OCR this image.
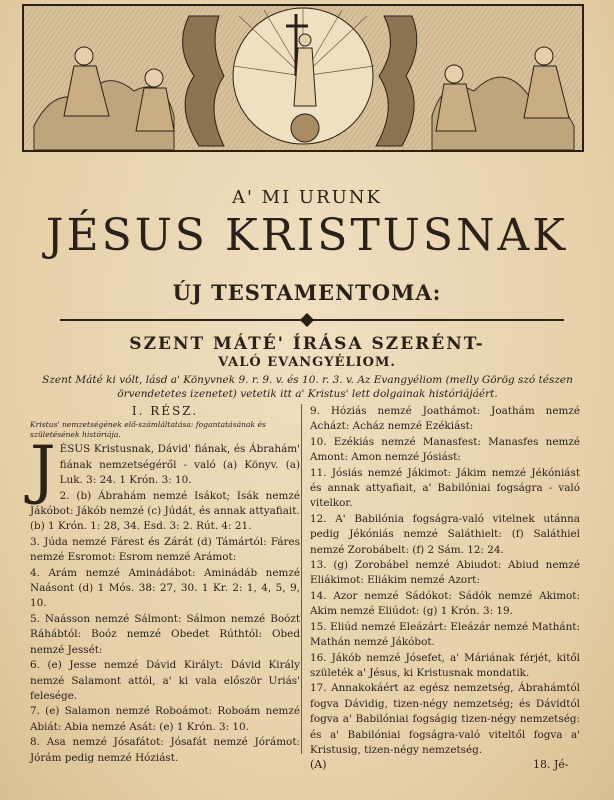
A' MI URUNK
JÉSUS KRISTUSNAK
ÚJ TESTAMENTOMA:
SZENT MÁTÉ' ÍRÁSA SZERÉNT-
VALÓ EVANGYÉLIOM.
Szent Máté ki vólt, lásd a' Könyvnek 9. r. 9. v. és 10. r. 3. v. Az Evangyéliom (melly Görög szó tészen örvendetetes izenetet) vetetik itt a' Kristus' lett dolgainak históriájáért.
I. RÉSZ.
Kristus' nemzetségének elő-számláltatása: fogantatásának és születésének históriája.
J ÉSUS Kristusnak, Dávid' fiának, és Ábrahám' fiának nemzetségéről - való (a) Könyv. (a) Luk. 3: 24. 1 Krón. 3: 10.
2. (b) Ábrahám nemzé Isákot; Isák nemzé Jákóbot: Jákób nemzé (c) Júdát, és annak attyafiait.
(b) 1 Krón. 1: 28, 34. Esd. 3: 2. Rút. 4: 21.
3. Júda nemzé Fárest és Zárát (d) Támártól: Fáres nemzé Esromot: Esrom nemzé Arámot:
4. Arám nemzé Aminádábot: Aminádáb nemzé Naásont (d) 1 Mós. 38: 27, 30. 1 Kr. 2: 1, 4, 5, 9, 10.
5. Naásson nemzé Sálmont: Sálmon nemzé Boózt Ráhábtól: Boóz nemzé Obedet Rúthtól: Obed nemzé Jessét:
6. (e) Jesse nemzé Dávid Királyt: Dávid Király nemzé Salamont attól, a' ki vala először Uriás' felesége.
7. (e) Salamon nemzé Roboámot: Roboám nemzé Abiát: Abia nemzé Asát: (e) 1 Krón. 3: 10.
8. Asa nemzé Jósafátot: Jósafát nemzé Jórámot: Jórám pedig nemzé Hóziást.
9. Hóziás nemzé Joathámot: Joathám nemzé Acházt: Acház nemzé Ezékiást:
10. Ezékiás nemzé Manasfest: Manasfes nemzé Amont: Amon nemzé Jósiást:
11. Jósiás nemzé Jákimot: Jákim nemzé Jékóniást és annak attyafiait, a' Babilóniai fogságra - való vitelkor.
12. A' Babilónia fogságra-való vitelnek utánna pedig Jékóniás nemzé Saláthielt: (f) Saláthiel nemzé Zorobábelt: (f) 2 Sám. 12: 24.
13. (g) Zorobábel nemzé Abiudot: Abiud nemzé Eliákimot: Eliákim nemzé Azort:
14. Azor nemzé Sádókot: Sádók nemzé Akimot: Akim nemzé Eliúdot: (g) 1 Krón. 3: 19.
15. Eliúd nemzé Eleázárt: Eleázár nemzé Mathánt: Mathán nemzé Jákóbot.
16. Jákób nemzé Jósefet, a' Máriának férjét, kitől születék a' Jésus, ki Kristusnak mondatik.
17. Annakokáért az egész nemzetség, Ábrahámtól fogva Dávidig, tizen-négy nemzetség; és Dávidtól fogva a' Babilóniai fogságig tizen-négy nemzetség: és a' Babilóniai fogságra-való viteltől fogva a' Kristusig, tizen-négy nemzetség.
(A)	18. Jé-
